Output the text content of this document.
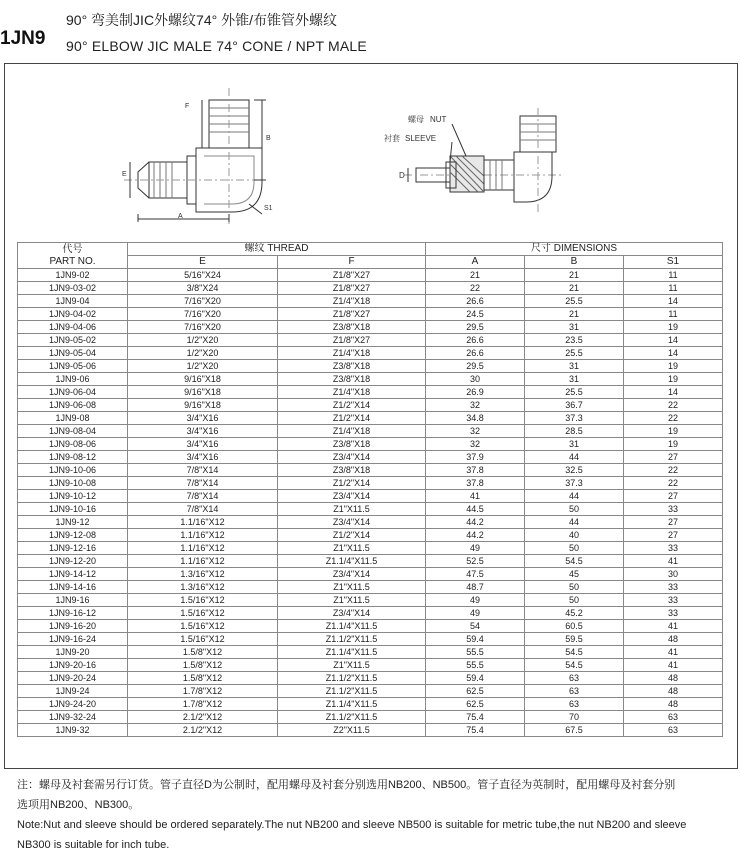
1JN9
90° 弯美制JIC外螺纹74° 外锥/布锥管外螺纹
90° ELBOW JIC MALE 74° CONE / NPT MALE
F
E
A
B
S1
螺母 NUT
衬套 SLEEVE
D
代号
PART NO.	螺纹 THREAD		尺寸 DIMENSIONS		
	E	F	A	B	S1
1JN9-02	5/16"X24	Z1/8"X27	21	21	11
1JN9-03-02	3/8"X24	Z1/8"X27	22	21	11
1JN9-04	7/16"X20	Z1/4"X18	26.6	25.5	14
1JN9-04-02	7/16"X20	Z1/8"X27	24.5	21	11
1JN9-04-06	7/16"X20	Z3/8"X18	29.5	31	19
1JN9-05-02	1/2"X20	Z1/8"X27	26.6	23.5	14
1JN9-05-04	1/2"X20	Z1/4"X18	26.6	25.5	14
1JN9-05-06	1/2"X20	Z3/8"X18	29.5	31	19
1JN9-06	9/16"X18	Z3/8"X18	30	31	19
1JN9-06-04	9/16"X18	Z1/4"X18	26.9	25.5	14
1JN9-06-08	9/16"X18	Z1/2"X14	32	36.7	22
1JN9-08	3/4"X16	Z1/2"X14	34.8	37.3	22
1JN9-08-04	3/4"X16	Z1/4"X18	32	28.5	19
1JN9-08-06	3/4"X16	Z3/8"X18	32	31	19
1JN9-08-12	3/4"X16	Z3/4"X14	37.9	44	27
1JN9-10-06	7/8"X14	Z3/8"X18	37.8	32.5	22
1JN9-10-08	7/8"X14	Z1/2"X14	37.8	37.3	22
1JN9-10-12	7/8"X14	Z3/4"X14	41	44	27
1JN9-10-16	7/8"X14	Z1"X11.5	44.5	50	33
1JN9-12	1.1/16"X12	Z3/4"X14	44.2	44	27
1JN9-12-08	1.1/16"X12	Z1/2"X14	44.2	40	27
1JN9-12-16	1.1/16"X12	Z1"X11.5	49	50	33
1JN9-12-20	1.1/16"X12	Z1.1/4"X11.5	52.5	54.5	41
1JN9-14-12	1.3/16"X12	Z3/4"X14	47.5	45	30
1JN9-14-16	1.3/16"X12	Z1"X11.5	48.7	50	33
1JN9-16	1.5/16"X12	Z1"X11.5	49	50	33
1JN9-16-12	1.5/16"X12	Z3/4"X14	49	45.2	33
1JN9-16-20	1.5/16"X12	Z1.1/4"X11.5	54	60.5	41
1JN9-16-24	1.5/16"X12	Z1.1/2"X11.5	59.4	59.5	48
1JN9-20	1.5/8"X12	Z1.1/4"X11.5	55.5	54.5	41
1JN9-20-16	1.5/8"X12	Z1"X11.5	55.5	54.5	41
1JN9-20-24	1.5/8"X12	Z1.1/2"X11.5	59.4	63	48
1JN9-24	1.7/8"X12	Z1.1/2"X11.5	62.5	63	48
1JN9-24-20	1.7/8"X12	Z1.1/4"X11.5	62.5	63	48
1JN9-32-24	2.1/2"X12	Z1.1/2"X11.5	75.4	70	63
1JN9-32	2.1/2"X12	Z2"X11.5	75.4	67.5	63
注：螺母及衬套需另行订货。管子直径D为公制时，配用螺母及衬套分别选用NB200、NB500。管子直径为英制时，配用螺母及衬套分别
选项用NB200、NB300。
Note:Nut and sleeve should be ordered separately.The nut NB200 and sleeve NB500 is suitable for metric tube,the nut NB200 and sleeve
NB300 is suitable for inch tube.
